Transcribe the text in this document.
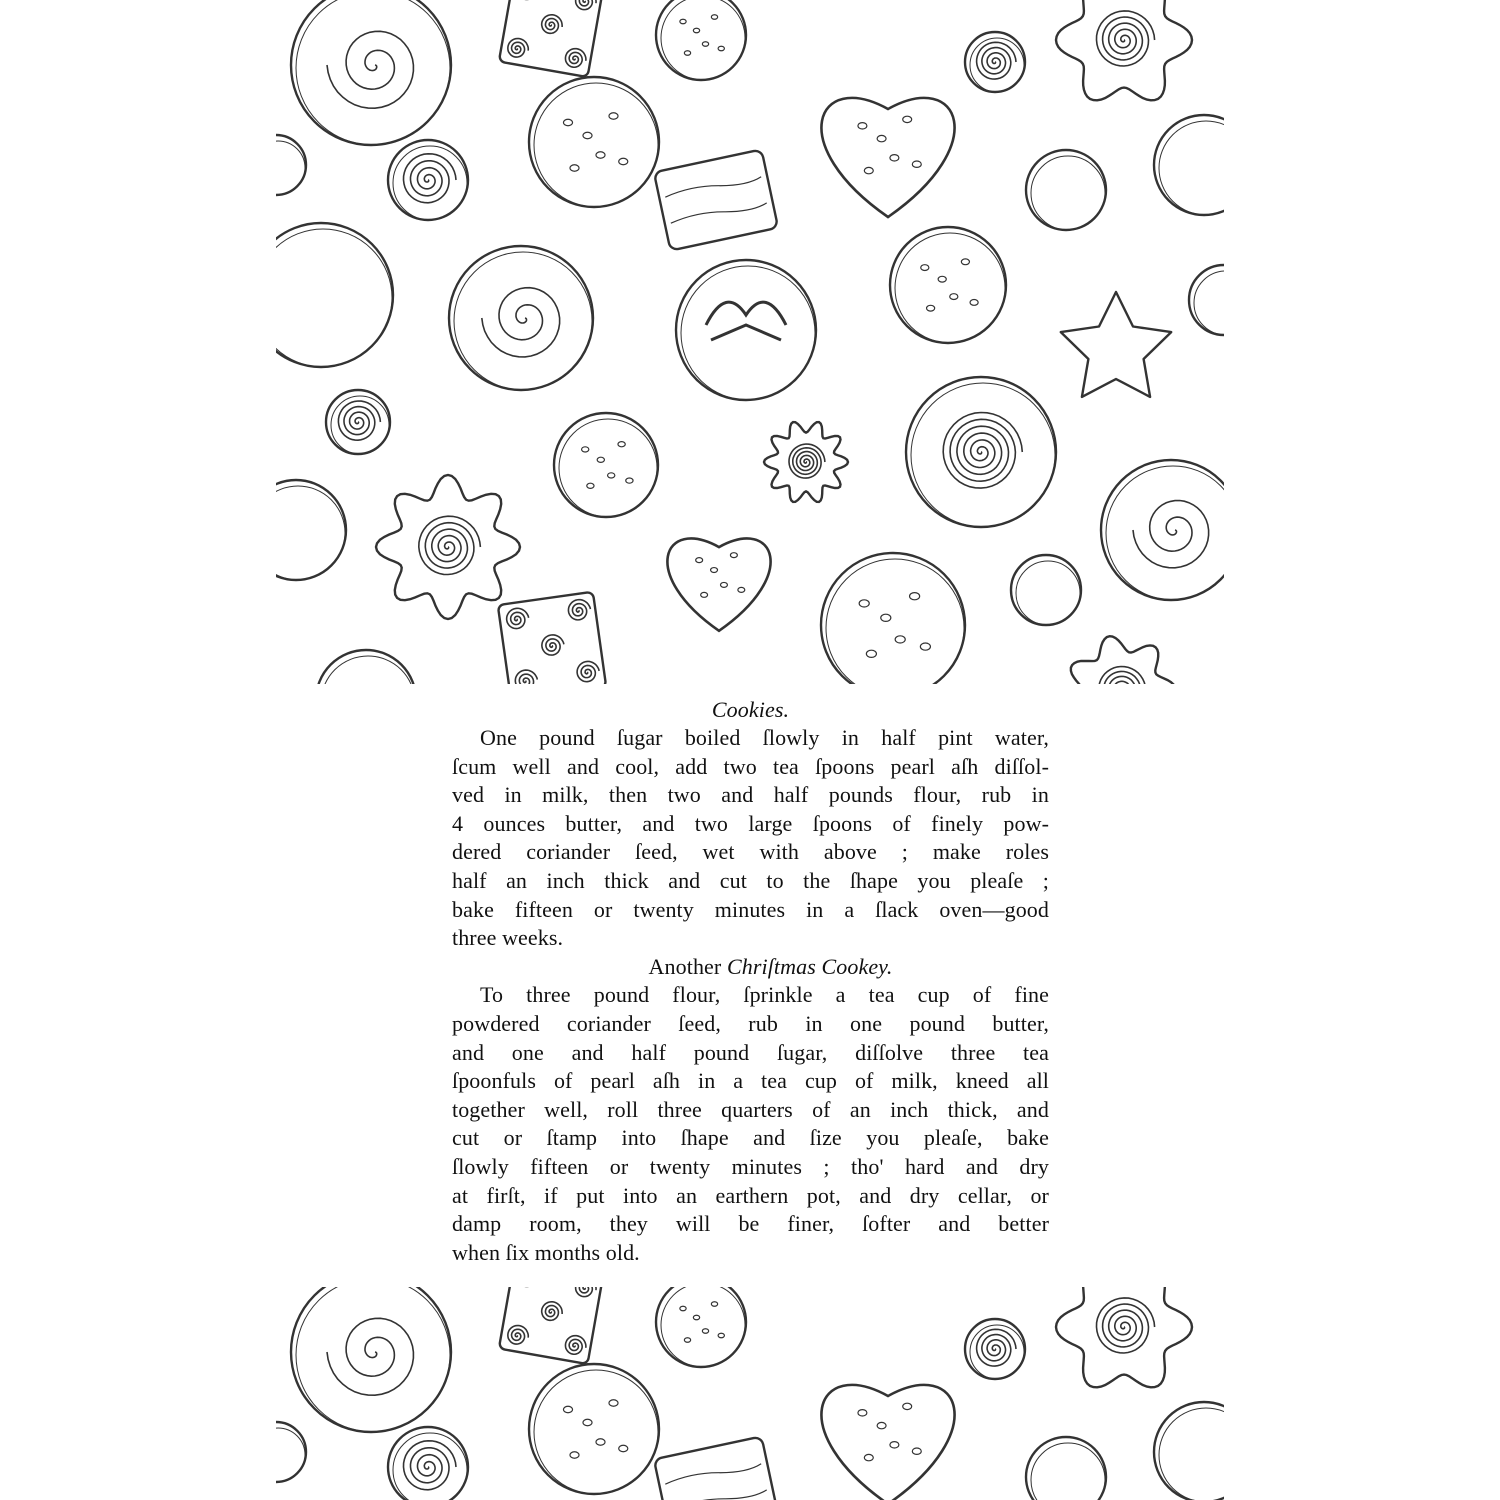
Cookies.
One pound ſugar boiled ſlowly in half pint water,
ſcum well and cool, add two tea ſpoons pearl aſh diſſol-
ved in milk, then two and half pounds flour, rub in
4 ounces butter, and two large ſpoons of finely pow-
dered coriander ſeed, wet with above ; make roles
half an inch thick and cut to the ſhape you pleaſe ;
bake fifteen or twenty minutes in a ſlack oven—good
three weeks.
Another Chriſtmas Cookey.
To three pound flour, ſprinkle a tea cup of fine
powdered coriander ſeed, rub in one pound butter,
and one and half pound ſugar, diſſolve three tea
ſpoonfuls of pearl aſh in a tea cup of milk, kneed all
together well, roll three quarters of an inch thick, and
cut or ſtamp into ſhape and ſize you pleaſe, bake
ſlowly fifteen or twenty minutes ; tho' hard and dry
at firſt, if put into an earthern pot, and dry cellar, or
damp room, they will be finer, ſofter and better
when ſix months old.
